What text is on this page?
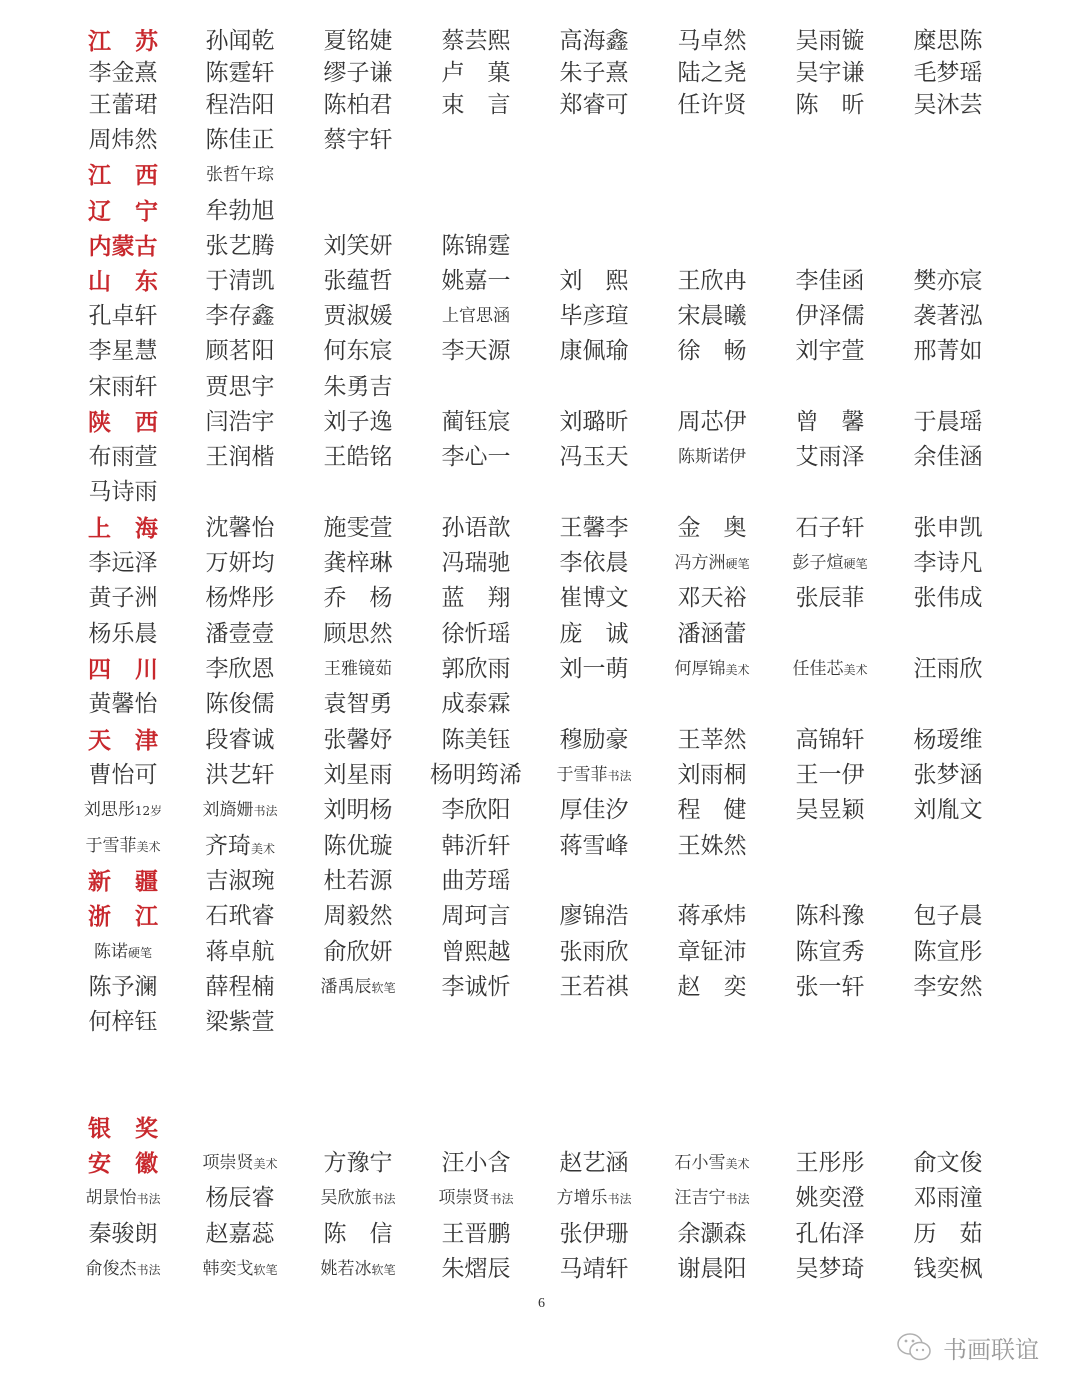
江 苏	孙闻乾	夏铭婕	蔡芸熙	高海鑫	马卓然	吴雨镟	糜思陈
李金熹	陈霆轩	缪子谦	卢　菓	朱子熹	陆之尧	吴宇谦	毛梦瑶
王蕾珺	程浩阳	陈柏君	束　言	郑睿可	任许贤	陈　昕	吴沐芸
周炜然	陈佳正	蔡宇轩
江 西	张哲午琮
辽 宁	牟勃旭
内蒙古	张艺腾	刘笑妍	陈锦霆
山 东	于清凯	张蕴哲	姚嘉一	刘　熙	王欣冉	李佳函	樊亦宸
孔卓轩	李存鑫	贾淑媛	上官思涵	毕彦瑄	宋晨曦	伊泽儒	袭著泓
李星慧	顾茗阳	何东宸	李天源	康佩瑜	徐　畅	刘宇萱	邢菁如
宋雨轩	贾思宇	朱勇吉
陕 西	闫浩宇	刘子逸	蔺钰宸	刘璐昕	周芯伊	曾　馨	于晨瑶
布雨萱	王润楷	王皓铭	李心一	冯玉天	陈斯诺伊	艾雨泽	余佳涵
马诗雨
上 海	沈馨怡	施雯萱	孙语歆	王馨李	金　奥	石子轩	张申凯
李远泽	万妍均	龚梓琳	冯瑞驰	李依晨	冯方洲硬笔	彭子煊硬笔	李诗凡
黄子洲	杨烨彤	乔　杨	蓝　翔	崔博文	邓天裕	张辰菲	张伟成
杨乐晨	潘壹壹	顾思然	徐忻瑶	庞　诚	潘涵蕾
四 川	李欣恩	王雅镜茹	郭欣雨	刘一萌	何厚锦美术	任佳芯美术	汪雨欣
黄馨怡	陈俊儒	袁智勇	成泰霖
天 津	段睿诚	张馨妤	陈美钰	穆励豪	王莘然	高锦轩	杨瑷维
曹怡可	洪艺轩	刘星雨	杨明筠浠	于雪菲书法	刘雨桐	王一伊	张梦涵
刘思彤12岁	刘旖姗书法	刘明杨	李欣阳	厚佳汐	程　健	吴昱颖	刘胤文
于雪菲美术	齐琦美术	陈优璇	韩沂轩	蒋雪峰	王姝然
新 疆	吉淑琬	杜若源	曲芳瑶
浙 江	石玳睿	周毅然	周珂言	廖锦浩	蒋承炜	陈科豫	包子晨
陈诺硬笔	蒋卓航	俞欣妍	曾熙越	张雨欣	章钲沛	陈宣秀	陈宣彤
陈予澜	薛程楠	潘禹辰软笔	李诚忻	王若祺	赵　奕	张一轩	李安然
何梓钰	梁紫萱
银 奖
安 徽	项崇贤美术	方豫宁	汪小含	赵艺涵	石小雪美术	王彤彤	俞文俊
胡景怡书法	杨辰睿	吴欣旅书法	项崇贤书法	方增乐书法	汪吉宁书法	姚奕澄	邓雨潼
秦骏朗	赵嘉蕊	陈　信	王晋鹏	张伊珊	余灏森	孔佑泽	历　茹
俞俊杰书法	韩奕戈软笔	姚若冰软笔	朱熠辰	马靖轩	谢晨阳	吴梦琦	钱奕枫
6
书画联谊
